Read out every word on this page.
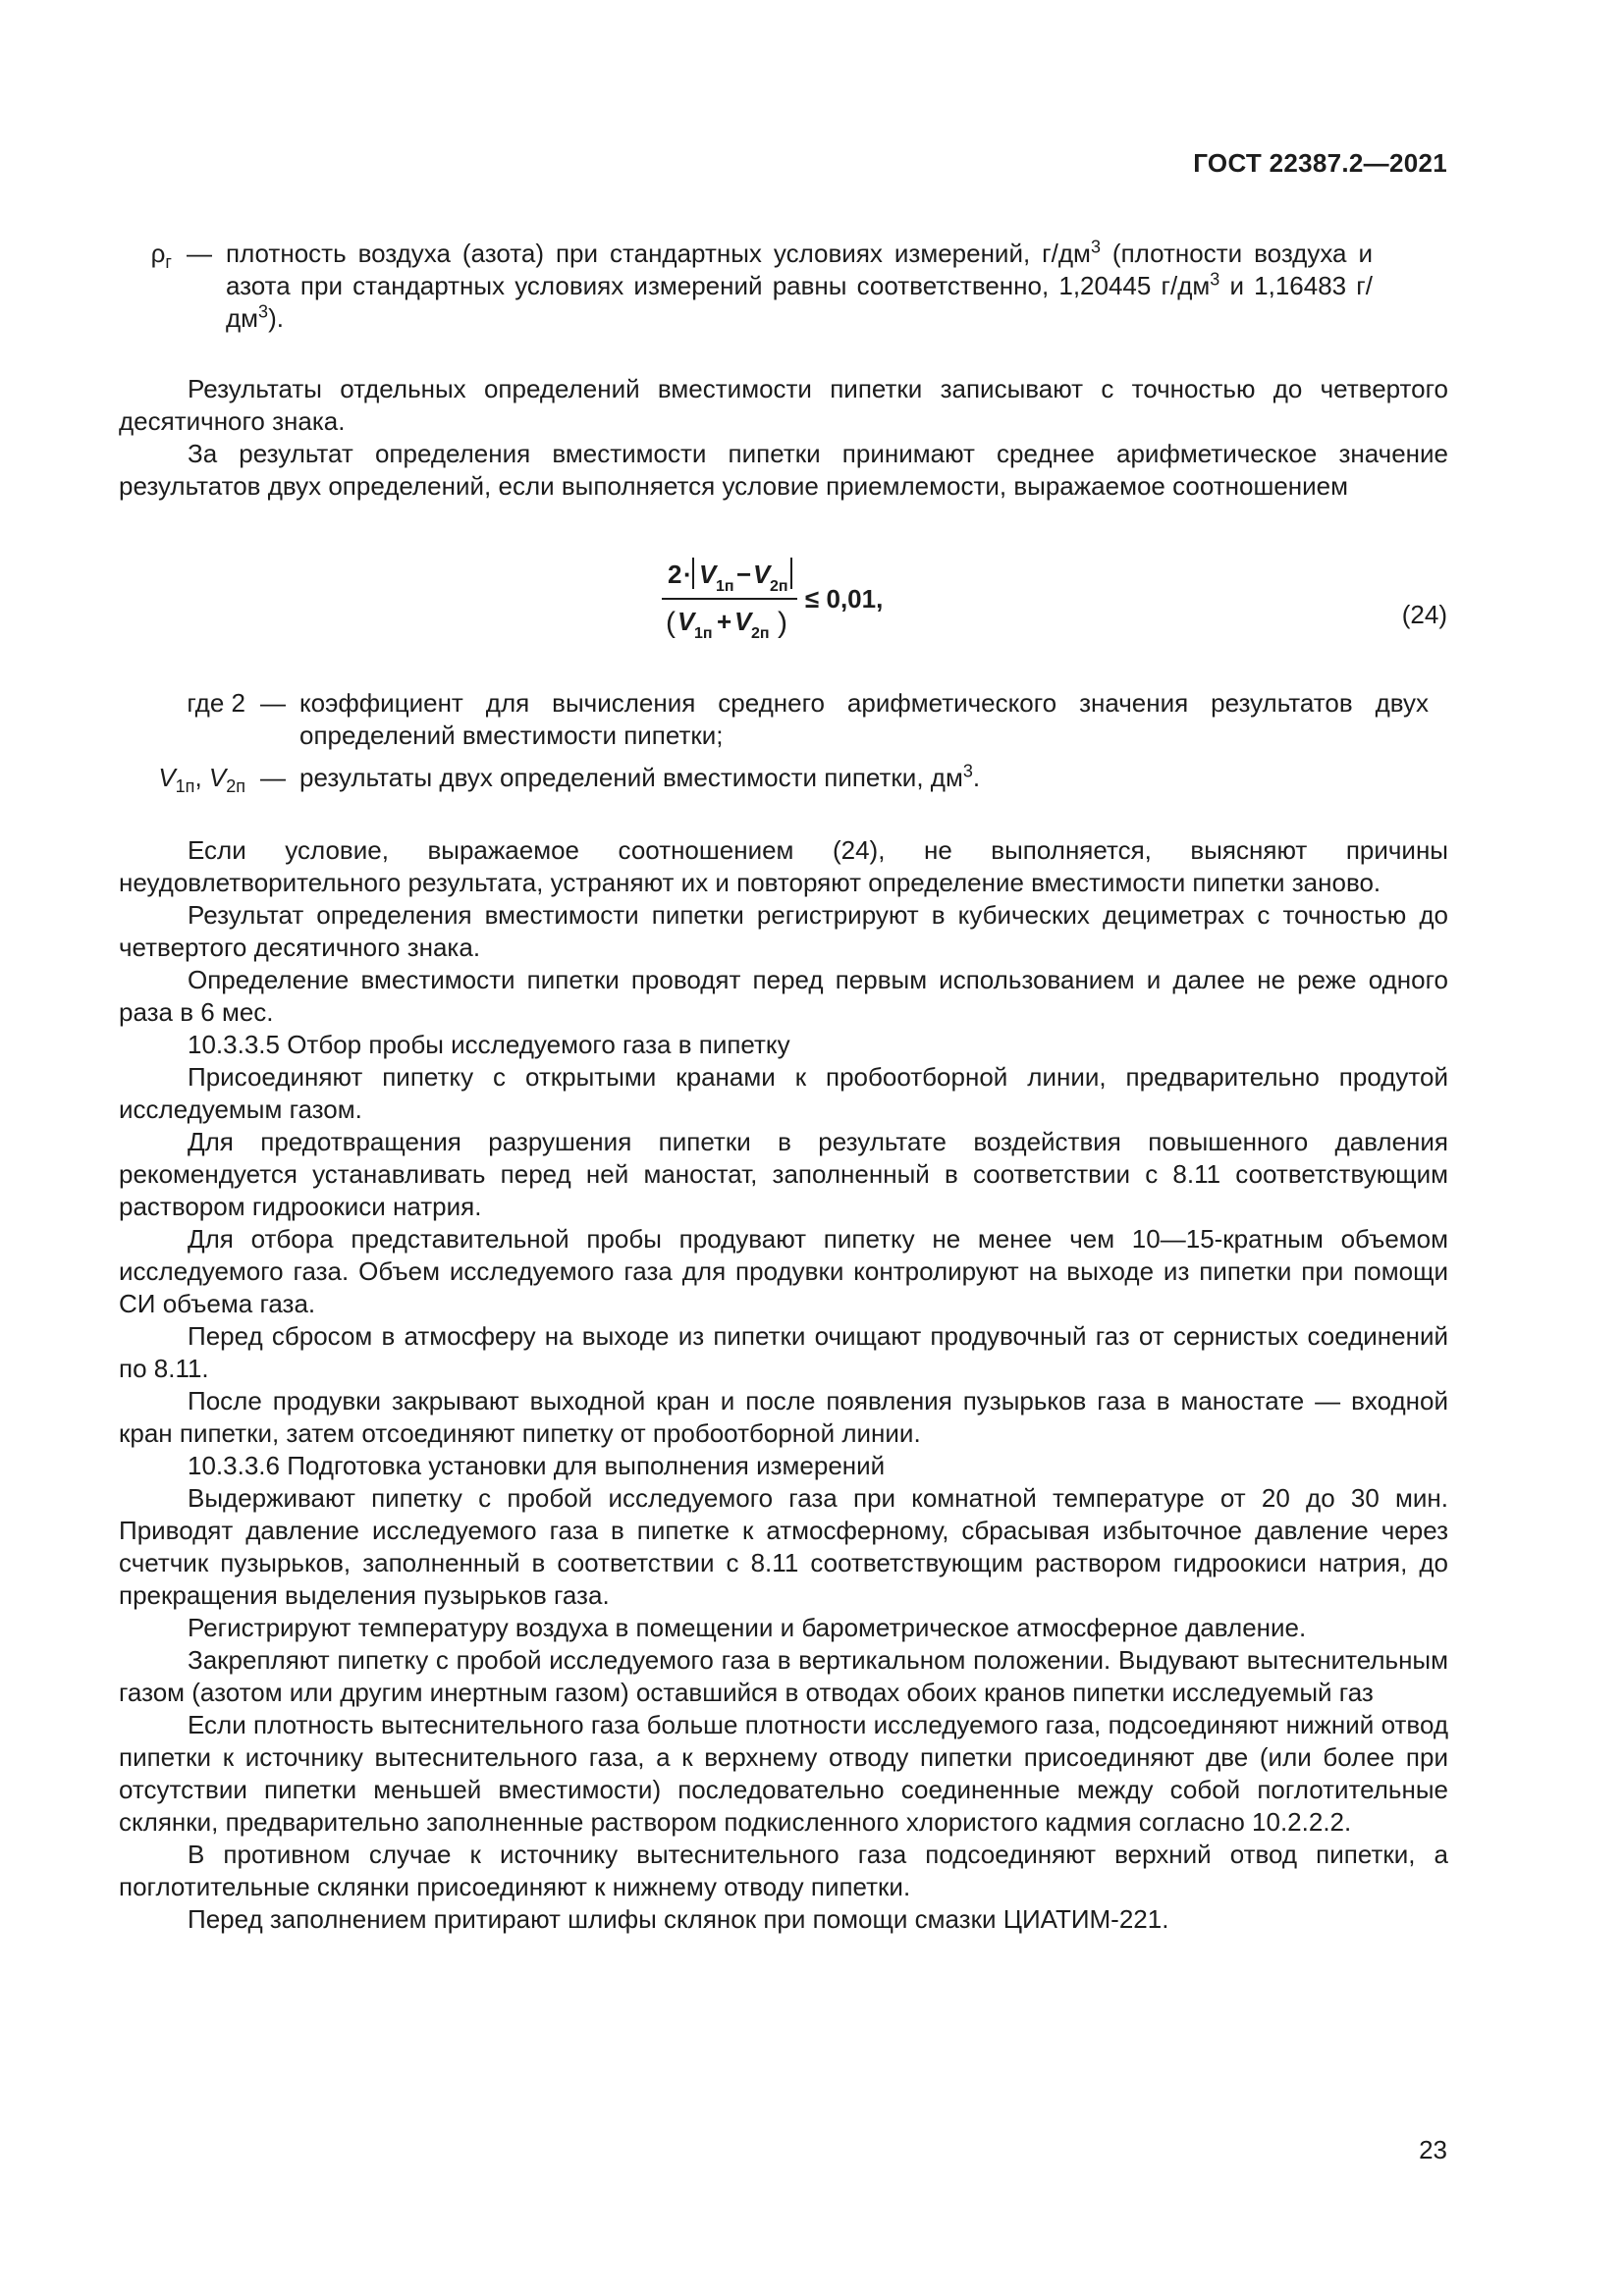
ГОСТ 22387.2—2021
$\rho_г$ — плотность воздуха (азота) при стандартных условиях измерений, $г/дм^3$ (плотности воздуха и азота при стандартных условиях измерений равны соответственно, 1,20445 $г/дм^3$ и 1,16483 $г/дм^3$).

Результаты отдельных определений вместимости пипетки записывают с точностью до четвертого десятичного знака.

За результат определения вместимости пипетки принимают среднее арифметическое значение результатов двух определений, если выполняется условие приемлемости, выражаемое соотношением

2 · V 1п − V 2п
( V 1п + V 2п )
≤ 0,01,
(24)
где 2 — коэффициент для вычисления среднего арифметического значения результатов двух определений вместимости пипетки;
$V_{1п}$, $V_{2п}$ — результаты двух определений вместимости пипетки, $дм^3$.

Если условие, выражаемое соотношением (24), не выполняется, выясняют причины неудовлетворительного результата, устраняют их и повторяют определение вместимости пипетки заново.

Результат определения вместимости пипетки регистрируют в кубических дециметрах с точностью до четвертого десятичного знака.

Определение вместимости пипетки проводят перед первым использованием и далее не реже одного раза в 6 мес.

10.3.3.5 Отбор пробы исследуемого газа в пипетку

Присоединяют пипетку с открытыми кранами к пробоотборной линии, предварительно продутой исследуемым газом.

Для предотвращения разрушения пипетки в результате воздействия повышенного давления рекомендуется устанавливать перед ней маностат, заполненный в соответствии с 8.11 соответствующим раствором гидроокиси натрия.

Для отбора представительной пробы продувают пипетку не менее чем 10—15-кратным объемом исследуемого газа. Объем исследуемого газа для продувки контролируют на выходе из пипетки при помощи СИ объема газа.

Перед сбросом в атмосферу на выходе из пипетки очищают продувочный газ от сернистых соединений по 8.11.

После продувки закрывают выходной кран и после появления пузырьков газа в маностате — входной кран пипетки, затем отсоединяют пипетку от пробоотборной линии.

10.3.3.6 Подготовка установки для выполнения измерений

Выдерживают пипетку с пробой исследуемого газа при комнатной температуре от 20 до 30 мин. Приводят давление исследуемого газа в пипетке к атмосферному, сбрасывая избыточное давление через счетчик пузырьков, заполненный в соответствии с 8.11 соответствующим раствором гидроокиси натрия, до прекращения выделения пузырьков газа.

Регистрируют температуру воздуха в помещении и барометрическое атмосферное давление.

Закрепляют пипетку с пробой исследуемого газа в вертикальном положении. Выдувают вытеснительным газом (азотом или другим инертным газом) оставшийся в отводах обоих кранов пипетки исследуемый газ

Если плотность вытеснительного газа больше плотности исследуемого газа, подсоединяют нижний отвод пипетки к источнику вытеснительного газа, а к верхнему отводу пипетки присоединяют две (или более при отсутствии пипетки меньшей вместимости) последовательно соединенные между собой поглотительные склянки, предварительно заполненные раствором подкисленного хлористого кадмия согласно 10.2.2.2.

В противном случае к источнику вытеснительного газа подсоединяют верхний отвод пипетки, а поглотительные склянки присоединяют к нижнему отводу пипетки.

Перед заполнением притирают шлифы склянок при помощи смазки ЦИАТИМ-221.

23
